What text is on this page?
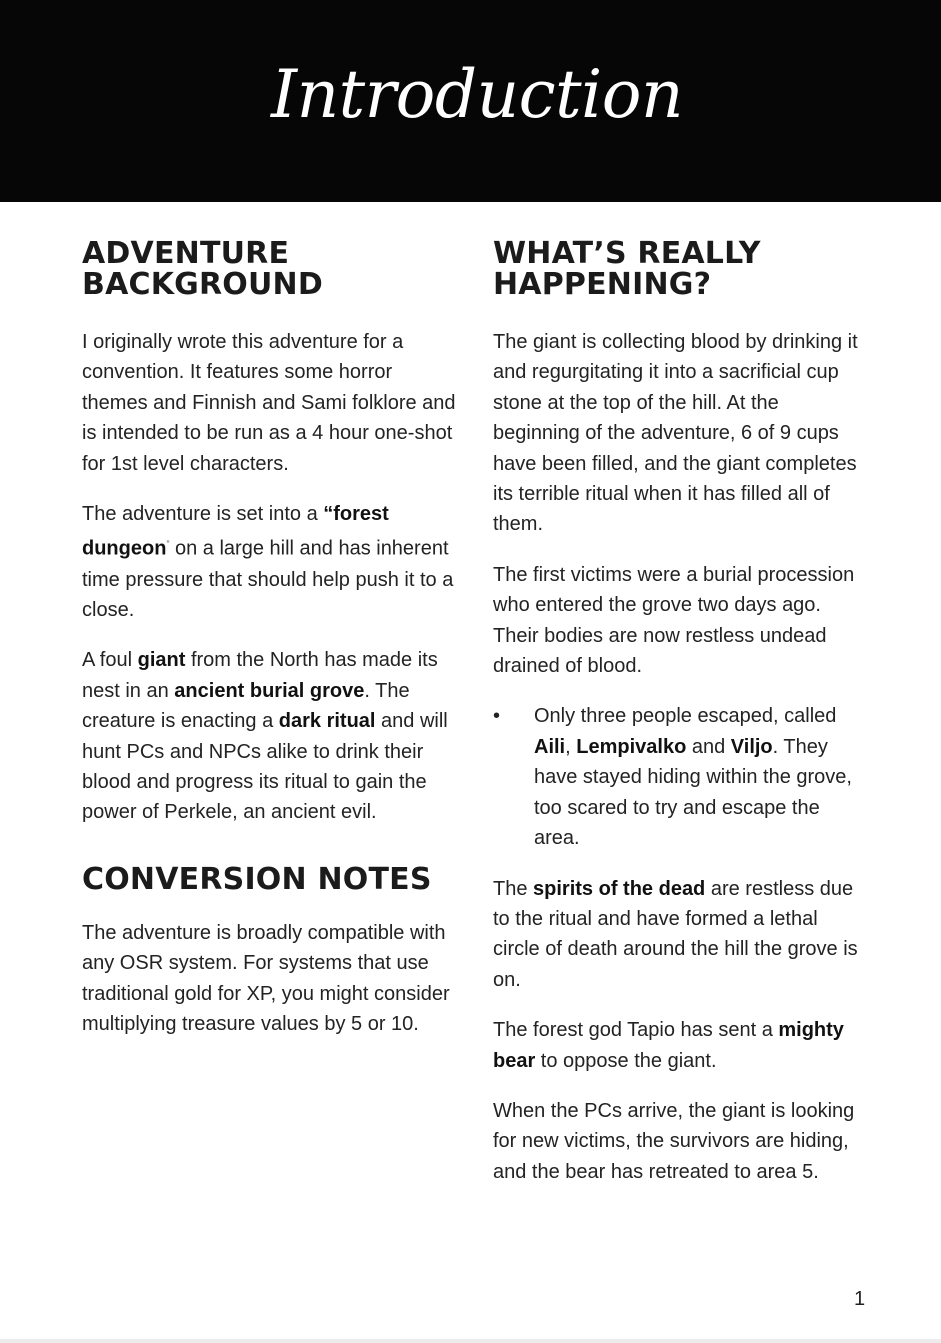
Introduction
ADVENTURE
BACKGROUND

I originally wrote this adventure for a convention. It features some horror themes and Finnish and Sami folklore and is intended to be run as a 4 hour one-shot for 1st level characters.

The adventure is set into a “forest dungeon” on a large hill and has inherent time pressure that should help push it to a close.

A foul giant from the North has made its nest in an ancient burial grove. The creature is enacting a dark ritual and will hunt PCs and NPCs alike to drink their blood and progress its ritual to gain the power of Perkele, an ancient evil.

CONVERSION NOTES

The adventure is broadly compatible with any OSR system. For systems that use traditional gold for XP, you might consider multiplying treasure values by 5 or 10.

WHAT’S REALLY
HAPPENING?

The giant is collecting blood by drinking it and regurgitating it into a sacrificial cup stone at the top of the hill. At the beginning of the adventure, 6 of 9 cups have been filled, and the giant completes its terrible ritual when it has filled all of them.

The first victims were a burial procession who entered the grove two days ago. Their bodies are now restless undead drained of blood.

• Only three people escaped, called Aili, Lempivalko and Viljo. They have stayed hiding within the grove, too scared to try and escape the area.

The spirits of the dead are restless due to the ritual and have formed a lethal circle of death around the hill the grove is on.

The forest god Tapio has sent a mighty bear to oppose the giant.

When the PCs arrive, the giant is looking for new victims, the survivors are hiding, and the bear has retreated to area 5.

1
